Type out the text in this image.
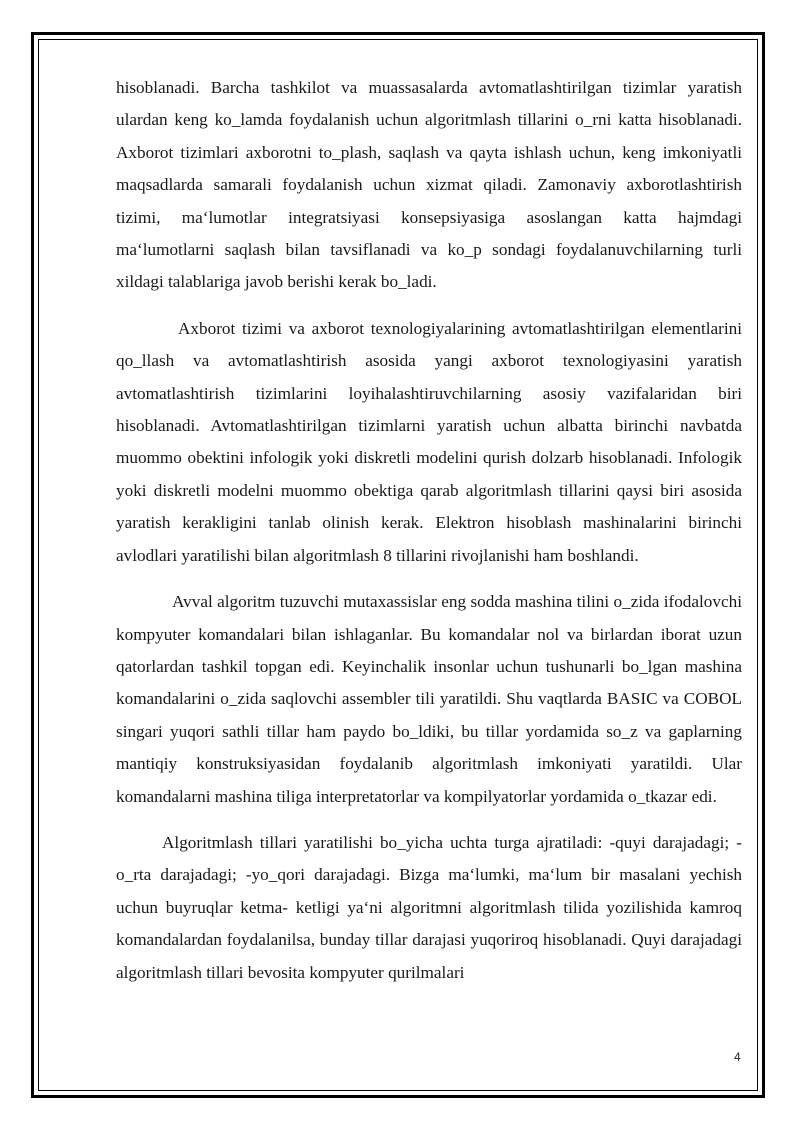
hisoblanadi. Barcha tashkilot va muassasalarda avtomatlashtirilgan tizimlar yaratish ulardan keng ko_lamda foydalanish uchun algoritmlash tillarini o_rni katta hisoblanadi. Axborot tizimlari axborotni to_plash, saqlash va qayta ishlash uchun, keng imkoniyatli maqsadlarda samarali foydalanish uchun xizmat qiladi. Zamonaviy axborotlashtirish tizimi, maʻlumotlar integratsiyasi konsepsiyasiga asoslangan katta hajmdagi maʻlumotlarni saqlash bilan tavsiflanadi va ko_p sondagi foydalanuvchilarning turli xildagi talablariga javob berishi kerak bo_ladi.

Axborot tizimi va axborot texnologiyalarining avtomatlashtirilgan elementlarini qo_llash va avtomatlashtirish asosida yangi axborot texnologiyasini yaratish avtomatlashtirish tizimlarini loyihalashtiruvchilarning asosiy vazifalaridan biri hisoblanadi. Avtomatlashtirilgan tizimlarni yaratish uchun albatta birinchi navbatda muommo obektini infologik yoki diskretli modelini qurish dolzarb hisoblanadi. Infologik yoki diskretli modelni muommo obektiga qarab algoritmlash tillarini qaysi biri asosida yaratish kerakligini tanlab olinish kerak. Elektron hisoblash mashinalarini birinchi avlodlari yaratilishi bilan algoritmlash 8 tillarini rivojlanishi ham boshlandi.

Avval algoritm tuzuvchi mutaxassislar eng sodda mashina tilini o_zida ifodalovchi kompyuter komandalari bilan ishlaganlar. Bu komandalar nol va birlardan iborat uzun qatorlardan tashkil topgan edi. Keyinchalik insonlar uchun tushunarli bo_lgan mashina komandalarini o_zida saqlovchi assembler tili yaratildi. Shu vaqtlarda BASIC va COBOL singari yuqori sathli tillar ham paydo bo_ldiki, bu tillar yordamida so_z va gaplarning mantiqiy konstruksiyasidan foydalanib algoritmlash imkoniyati yaratildi. Ular komandalarni mashina tiliga interpretatorlar va kompilyatorlar yordamida o_tkazar edi.

Algoritmlash tillari yaratilishi bo_yicha uchta turga ajratiladi: -quyi darajadagi; -o_rta darajadagi; -yo_qori darajadagi. Bizga maʻlumki, maʻlum bir masalani yechish uchun buyruqlar ketma- ketligi yaʻni algoritmni algoritmlash tilida yozilishida kamroq komandalardan foydalanilsa, bunday tillar darajasi yuqoriroq hisoblanadi. Quyi darajadagi algoritmlash tillari bevosita kompyuter qurilmalari

4
